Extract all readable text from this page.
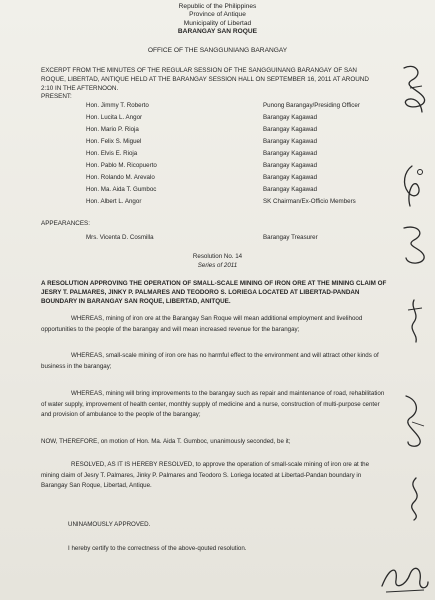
Republic of the Philippines
Province of Antique
Municipality of Libertad
BARANGAY SAN ROQUE
OFFICE OF THE SANGGUNIANG BARANGAY
EXCERPT FROM THE MINUTES OF THE REGULAR SESSION OF THE SANGGUINANG BARANGAY OF SAN ROQUE, LIBERTAD, ANTIQUE HELD AT THE BARANGAY SESSION HALL ON SEPTEMBER 16, 2011 AT AROUND 2:10 IN THE AFTERNOON.
PRESENT:
Hon. Jimmy T. Roberto	Punong Barangay/Presiding Officer
Hon. Lucita L. Angor	Barangay Kagawad
Hon. Mario P. Rioja	Barangay Kagawad
Hon. Felix S. Miguel	Barangay Kagawad
Hon. Elvis E. Rioja	Barangay Kagawad
Hon. Pablo M. Ricopuerto	Barangay Kagawad
Hon. Rolando M. Arevalo	Barangay Kagawad
Hon. Ma. Aida T. Gumboc	Barangay Kagawad
Hon. Albert L. Angor	SK Chairman/Ex-Officio Members
APPEARANCES:
Mrs. Vicenta D. Cosmilla	Barangay Treasurer
Resolution No. 14
Series of 2011
A RESOLUTION APPROVING THE OPERATION OF SMALL-SCALE MINING OF IRON ORE AT THE MINING CLAIM OF JESRY T. PALMARES, JINKY P. PALMARES AND TEODORO S. LORIEGA LOCATED AT LIBERTAD-PANDAN BOUNDARY IN BARANGAY SAN ROQUE, LIBERTAD, ANITQUE.
WHEREAS, mining of iron ore at the Barangay San Roque will mean additional employment and livelihood opportunities to the people of the barangay and will mean increased revenue for the barangay;
WHEREAS, small-scale mining of iron ore has no harmful effect to the environment and will attract other kinds of business in the barangay;
WHEREAS, mining will bring improvements to the barangay such as repair and maintenance of road, rehabilitation of water supply, improvement of health center, monthly supply of medicine and a nurse, construction of multi-purpose center and provision of ambulance to the people of the barangay;
NOW, THEREFORE, on motion of Hon. Ma. Aida T. Gumboc, unanimously seconded, be it;
RESOLVED, AS IT IS HEREBY RESOLVED, to approve the operation of small-scale mining of iron ore at the mining claim of Jesry T. Palmares, Jinky P. Palmares and Teodoro S. Loriega located at Libertad-Pandan boundary in Barangay San Roque, Libertad, Antique.
UNINAMOUSLY APPROVED.
I hereby certify to the correctness of the above-qouted resolution.
